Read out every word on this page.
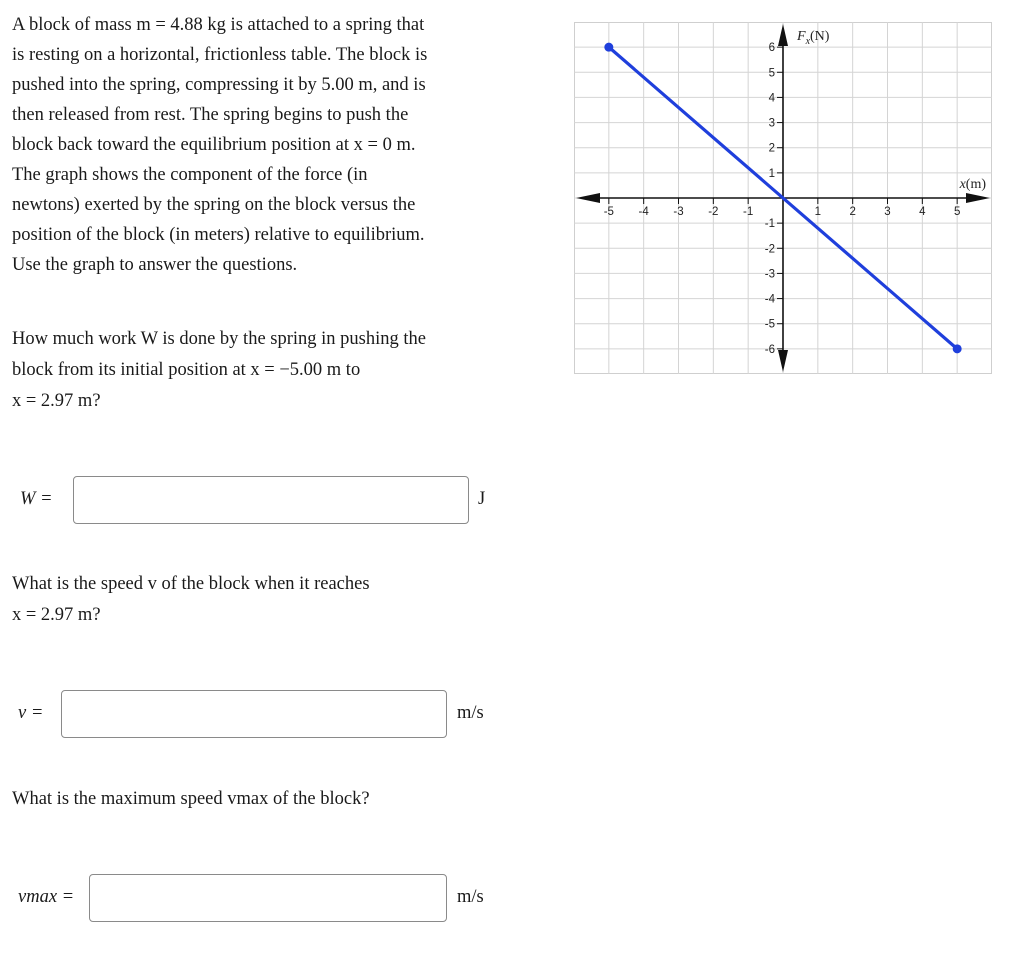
A block of mass m = 4.88 kg is attached to a spring that
is resting on a horizontal, frictionless table. The block is
pushed into the spring, compressing it by 5.00 m, and is
then released from rest. The spring begins to push the
block back toward the equilibrium position at x = 0 m.
The graph shows the component of the force (in
newtons) exerted by the spring on the block versus the
position of the block (in meters) relative to equilibrium.
Use the graph to answer the questions.
-5 -4 -3 -2 -1	1 2 3 4 5
-6
-5
-4
-3
-2
-1
1
2
3
4
5
6
x(m)
$F_x(N)$
How much work W is done by the spring in pushing the
block from its initial position at x = −5.00 m to
x = 2.97 m?
W =	J
What is the speed v of the block when it reaches
x = 2.97 m?
v =	m/s
What is the maximum speed vmax of the block?
vmax =	m/s
